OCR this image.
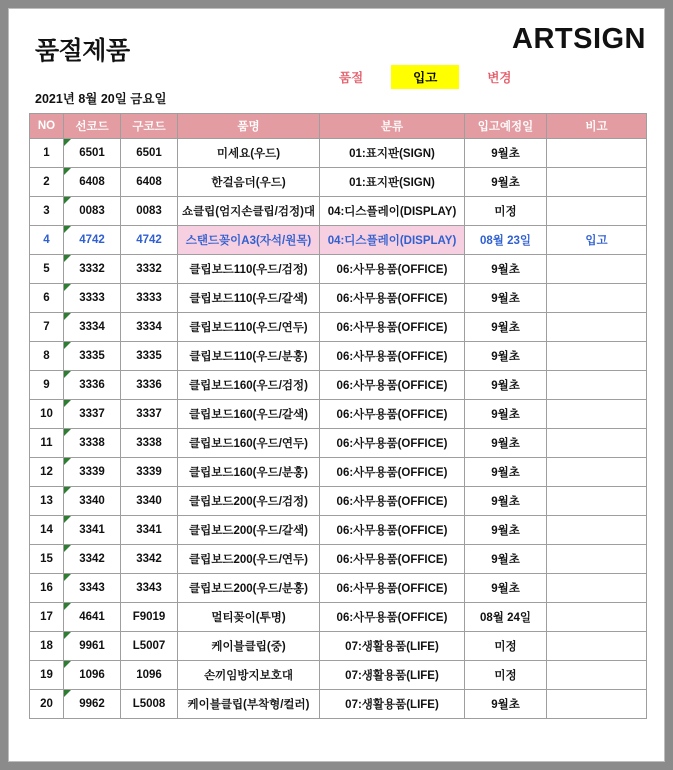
품절제품	ARTSIGN
품절	입고	변경
2021년 8월 20일 금요일
NO	선코드	구코드	품명	분류	입고예정일	비고
1	6501	6501	미세요(우드)	01:표지판(SIGN)	9월초	
2	6408	6408	한걸음더(우드)	01:표지판(SIGN)	9월초	
3	0083	0083	쇼클립(엄지손클립/검정)대	04:디스플레이(DISPLAY)	미정	
4	4742	4742	스탠드꽂이A3(자석/원목)	04:디스플레이(DISPLAY)	08월 23일	입고
5	3332	3332	클립보드110(우드/검정)	06:사무용품(OFFICE)	9월초	
6	3333	3333	클립보드110(우드/갈색)	06:사무용품(OFFICE)	9월초	
7	3334	3334	클립보드110(우드/연두)	06:사무용품(OFFICE)	9월초	
8	3335	3335	클립보드110(우드/분홍)	06:사무용품(OFFICE)	9월초	
9	3336	3336	클립보드160(우드/검정)	06:사무용품(OFFICE)	9월초	
10	3337	3337	클립보드160(우드/갈색)	06:사무용품(OFFICE)	9월초	
11	3338	3338	클립보드160(우드/연두)	06:사무용품(OFFICE)	9월초	
12	3339	3339	클립보드160(우드/분홍)	06:사무용품(OFFICE)	9월초	
13	3340	3340	클립보드200(우드/검정)	06:사무용품(OFFICE)	9월초	
14	3341	3341	클립보드200(우드/갈색)	06:사무용품(OFFICE)	9월초	
15	3342	3342	클립보드200(우드/연두)	06:사무용품(OFFICE)	9월초	
16	3343	3343	클립보드200(우드/분홍)	06:사무용품(OFFICE)	9월초	
17	4641	F9019	멀티꽂이(투명)	06:사무용품(OFFICE)	08월 24일	
18	9961	L5007	케이블클립(중)	07:생활용품(LIFE)	미정	
19	1096	1096	손끼임방지보호대	07:생활용품(LIFE)	미정	
20	9962	L5008	케이블클립(부착형/컬러)	07:생활용품(LIFE)	9월초	
